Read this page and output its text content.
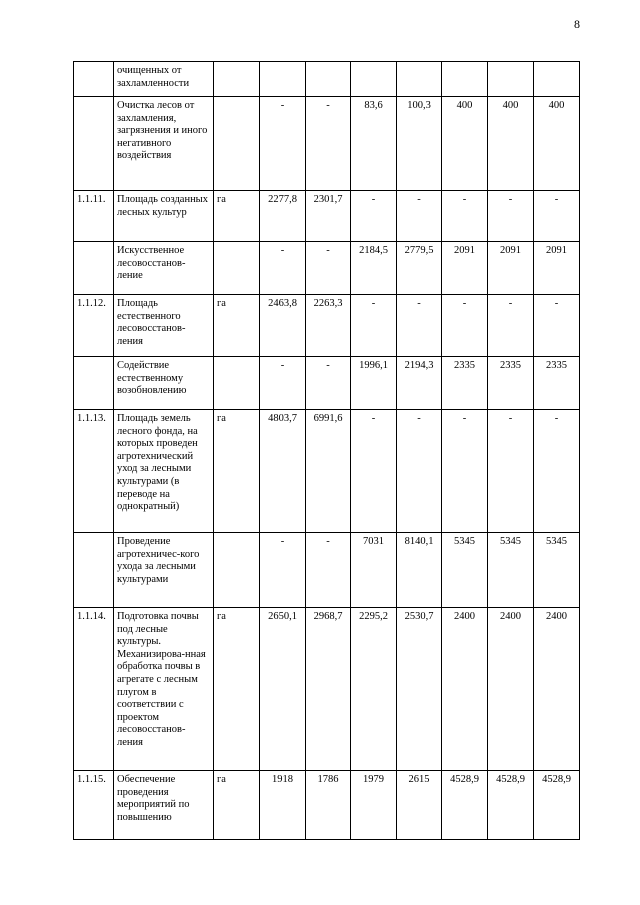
8
	очищенных от захламленности								
	Очистка лесов от захламления, загрязнения и иного негативного воздействия		-	-	83,6	100,3	400	400	400
1.1.11.	Площадь созданных лесных культур	га	2277,8	2301,7	-	-	-	-	-
	Искусственное лесовосстанов-ление		-	-	2184,5	2779,5	2091	2091	2091
1.1.12.	Площадь естественного лесовосстанов-ления	га	2463,8	2263,3	-	-	-	-	-
	Содействие естественному возобновлению		-	-	1996,1	2194,3	2335	2335	2335
1.1.13.	Площадь земель лесного фонда, на которых проведен агротехнический уход за лесными культурами (в переводе на однократный)	га	4803,7	6991,6	-	-	-	-	-
	Проведение агротехничес-кого ухода за лесными культурами		-	-	7031	8140,1	5345	5345	5345
1.1.14.	Подготовка почвы под лесные культуры. Механизирова-нная обработка почвы в агрегате с лесным плугом в соответствии с проектом лесовосстанов-ления	га	2650,1	2968,7	2295,2	2530,7	2400	2400	2400
1.1.15.	Обеспечение проведения мероприятий по повышению	га	1918	1786	1979	2615	4528,9	4528,9	4528,9
